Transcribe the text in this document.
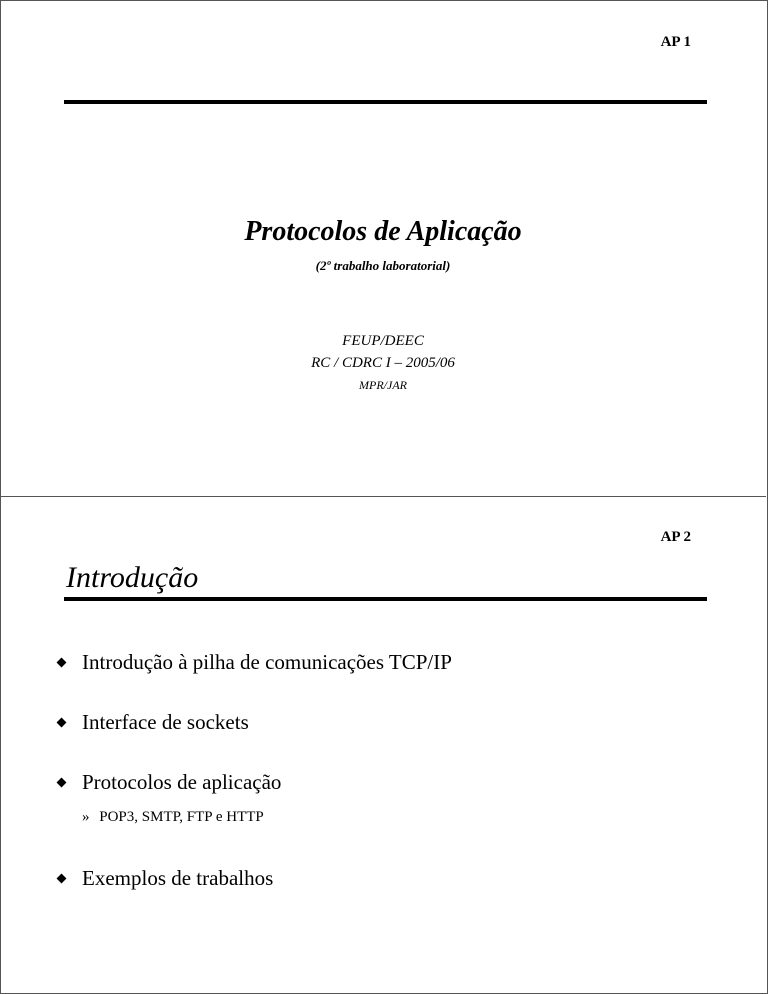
AP 1
Protocolos de Aplicação
(2º trabalho laboratorial)
FEUP/DEEC
RC / CDRC I – 2005/06
MPR/JAR
AP 2
Introdução
Introdução à pilha de comunicações TCP/IP
Interface de sockets
Protocolos de aplicação
» POP3, SMTP, FTP e HTTP
Exemplos de trabalhos
